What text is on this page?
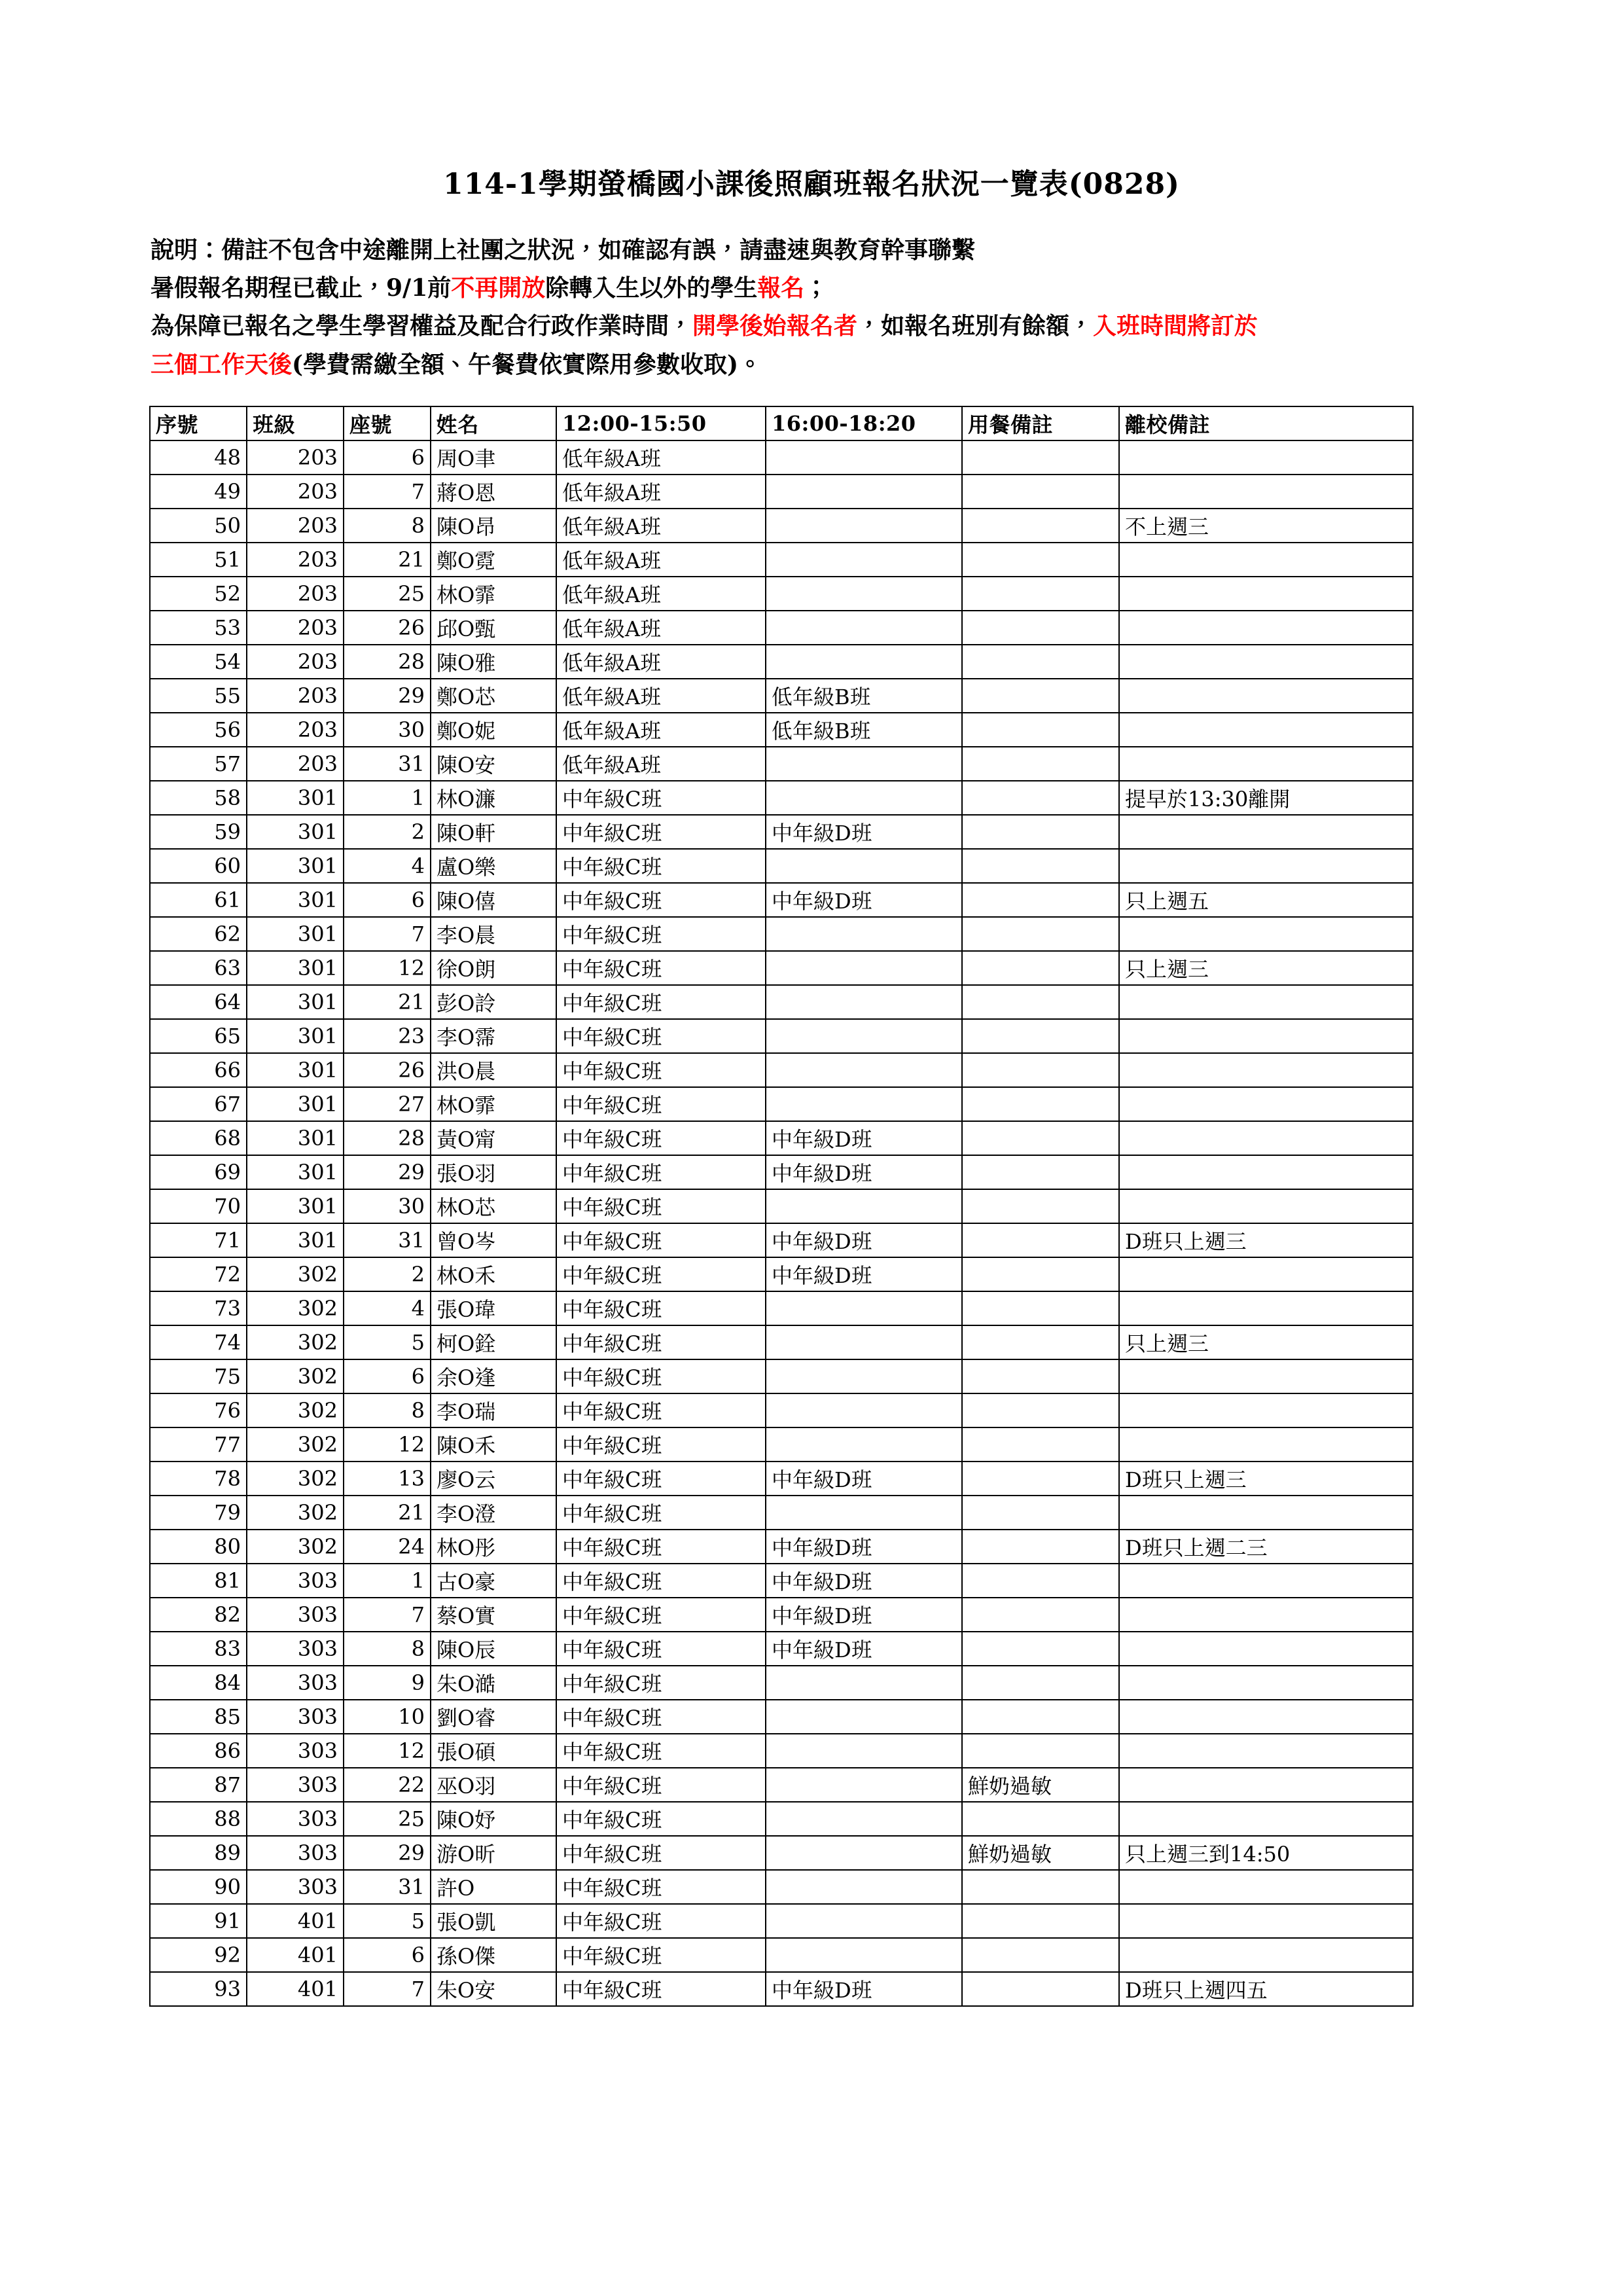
114-1學期螢橋國小課後照顧班報名狀況一覽表(0828)

說明：備註不包含中途離開上社團之狀況，如確認有誤，請盡速與教育幹事聯繫

暑假報名期程已截止，9/1前不再開放除轉入生以外的學生報名；

為保障已報名之學生學習權益及配合行政作業時間，開學後始報名者，如報名班別有餘額，入班時間將訂於

三個工作天後(學費需繳全額、午餐費依實際用參數收取)。

序號	班級	座號	姓名	12:00-15:50	16:00-18:20	用餐備註	離校備註
48	203	6	周O聿	低年級A班			
49	203	7	蔣O恩	低年級A班			
50	203	8	陳O昂	低年級A班			不上週三
51	203	21	鄭O霓	低年級A班			
52	203	25	林O霏	低年級A班			
53	203	26	邱O甄	低年級A班			
54	203	28	陳O雅	低年級A班			
55	203	29	鄭O芯	低年級A班	低年級B班		
56	203	30	鄭O妮	低年級A班	低年級B班		
57	203	31	陳O安	低年級A班			
58	301	1	林O濂	中年級C班			提早於13:30離開
59	301	2	陳O軒	中年級C班	中年級D班		
60	301	4	盧O樂	中年級C班			
61	301	6	陳O僖	中年級C班	中年級D班		只上週五
62	301	7	李O晨	中年級C班			
63	301	12	徐O朗	中年級C班			只上週三
64	301	21	彭O詅	中年級C班			
65	301	23	李O霈	中年級C班			
66	301	26	洪O晨	中年級C班			
67	301	27	林O霏	中年級C班			
68	301	28	黃O甯	中年級C班	中年級D班		
69	301	29	張O羽	中年級C班	中年級D班		
70	301	30	林O芯	中年級C班			
71	301	31	曾O岑	中年級C班	中年級D班		D班只上週三
72	302	2	林O禾	中年級C班	中年級D班		
73	302	4	張O瑋	中年級C班			
74	302	5	柯O銓	中年級C班			只上週三
75	302	6	余O逢	中年級C班			
76	302	8	李O瑞	中年級C班			
77	302	12	陳O禾	中年級C班			
78	302	13	廖O云	中年級C班	中年級D班		D班只上週三
79	302	21	李O澄	中年級C班			
80	302	24	林O彤	中年級C班	中年級D班		D班只上週二三
81	303	1	古O豪	中年級C班	中年級D班		
82	303	7	蔡O實	中年級C班	中年級D班		
83	303	8	陳O辰	中年級C班	中年級D班		
84	303	9	朱O澔	中年級C班			
85	303	10	劉O睿	中年級C班			
86	303	12	張O碩	中年級C班			
87	303	22	巫O羽	中年級C班		鮮奶過敏	
88	303	25	陳O妤	中年級C班			
89	303	29	游O昕	中年級C班		鮮奶過敏	只上週三到14:50
90	303	31	許O	中年級C班			
91	401	5	張O凱	中年級C班			
92	401	6	孫O傑	中年級C班			
93	401	7	朱O安	中年級C班	中年級D班		D班只上週四五
